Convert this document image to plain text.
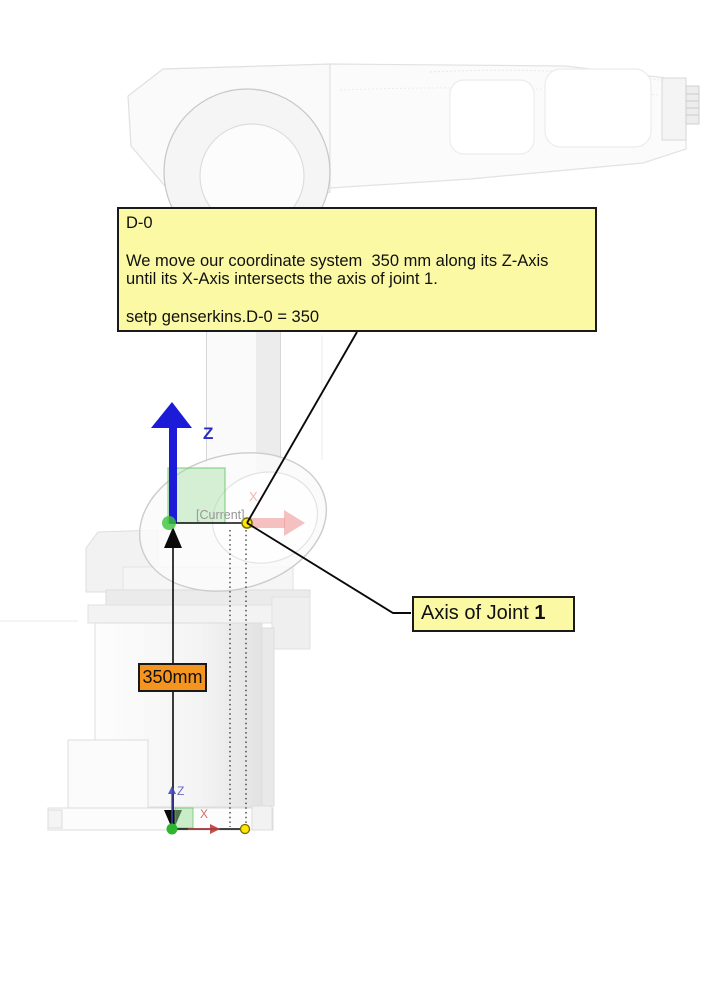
D-0
We move our coordinate system  350 mm along its Z-Axis
until its X-Axis intersects the axis of joint 1.
setp genserkins.D-0 = 350
Axis of Joint 1
350mm
[Current]
Z
X
Z
X
